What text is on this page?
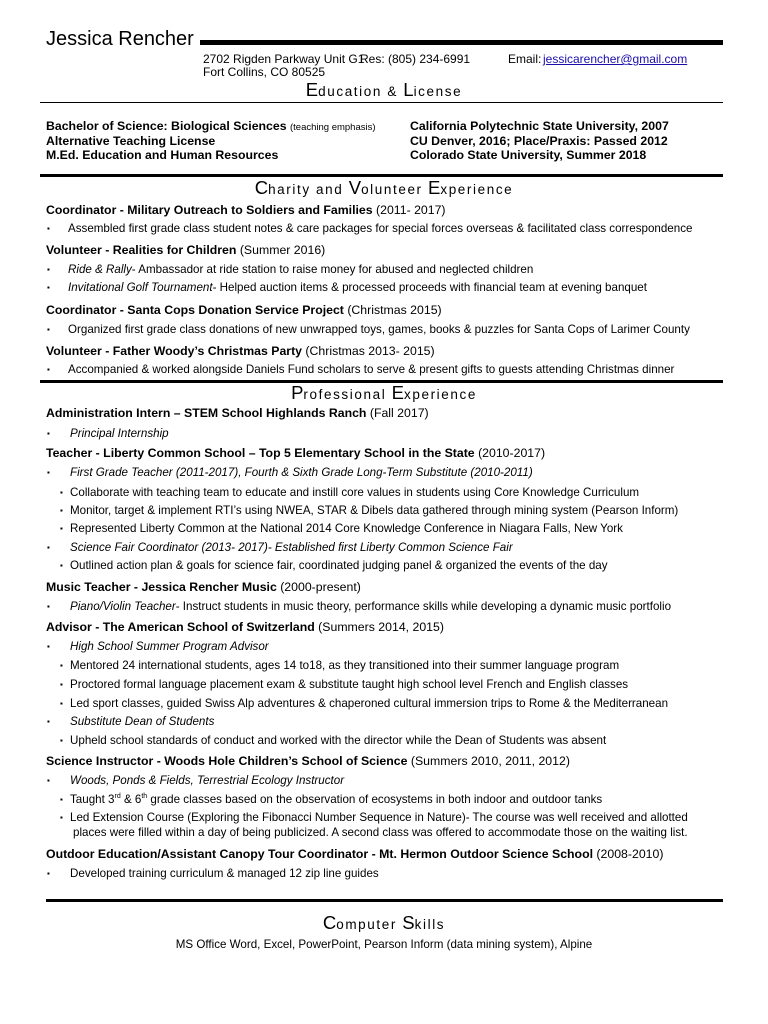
Jessica Rencher
2702 Rigden Parkway Unit G1
Res: (805) 234-6991	Email: jessicarencher@gmail.com
Fort Collins, CO 80525
Education & License
Bachelor of Science: Biological Sciences (teaching emphasis)	California Polytechnic State University, 2007
Alternative Teaching License	CU Denver, 2016; Place/Praxis: Passed 2012
M.Ed. Education and Human Resources	Colorado State University, Summer 2018
Charity and Volunteer Experience
Coordinator - Military Outreach to Soldiers and Families (2011- 2017)
▪ Assembled first grade class student notes & care packages for special forces overseas & facilitated class correspondence
Volunteer - Realities for Children (Summer 2016)
▪ Ride & Rally- Ambassador at ride station to raise money for abused and neglected children
▪ Invitational Golf Tournament- Helped auction items & processed proceeds with financial team at evening banquet
Coordinator - Santa Cops Donation Service Project (Christmas 2015)
▪ Organized first grade class donations of new unwrapped toys, games, books & puzzles for Santa Cops of Larimer County
Volunteer - Father Woody’s Christmas Party (Christmas 2013- 2015)
▪ Accompanied & worked alongside Daniels Fund scholars to serve & present gifts to guests attending Christmas dinner
Professional Experience
Administration Intern – STEM School Highlands Ranch (Fall 2017)
▪ Principal Internship
Teacher - Liberty Common School – Top 5 Elementary School in the State (2010-2017)
▪ First Grade Teacher (2011-2017), Fourth & Sixth Grade Long-Term Substitute (2010-2011)
▪ Collaborate with teaching team to educate and instill core values in students using Core Knowledge Curriculum
▪ Monitor, target & implement RTI’s using NWEA, STAR & Dibels data gathered through mining system (Pearson Inform)
▪ Represented Liberty Common at the National 2014 Core Knowledge Conference in Niagara Falls, New York
▪ Science Fair Coordinator (2013- 2017)- Established first Liberty Common Science Fair
▪ Outlined action plan & goals for science fair, coordinated judging panel & organized the events of the day
Music Teacher - Jessica Rencher Music (2000-present)
▪ Piano/Violin Teacher- Instruct students in music theory, performance skills while developing a dynamic music portfolio
Advisor - The American School of Switzerland (Summers 2014, 2015)
▪ High School Summer Program Advisor
▪ Mentored 24 international students, ages 14 to18, as they transitioned into their summer language program
▪ Proctored formal language placement exam & substitute taught high school level French and English classes
▪ Led sport classes, guided Swiss Alp adventures & chaperoned cultural immersion trips to Rome & the Mediterranean
▪ Substitute Dean of Students
▪ Upheld school standards of conduct and worked with the director while the Dean of Students was absent
Science Instructor - Woods Hole Children’s School of Science (Summers 2010, 2011, 2012)
▪ Woods, Ponds & Fields, Terrestrial Ecology Instructor
▪ Taught 3rd & 6th grade classes based on the observation of ecosystems in both indoor and outdoor tanks
▪ Led Extension Course (Exploring the Fibonacci Number Sequence in Nature)- The course was well received and allotted
places were filled within a day of being publicized. A second class was offered to accommodate those on the waiting list.
Outdoor Education/Assistant Canopy Tour Coordinator - Mt. Hermon Outdoor Science School (2008-2010)
▪ Developed training curriculum & managed 12 zip line guides
Computer Skills
MS Office Word, Excel, PowerPoint, Pearson Inform (data mining system), Alpine
